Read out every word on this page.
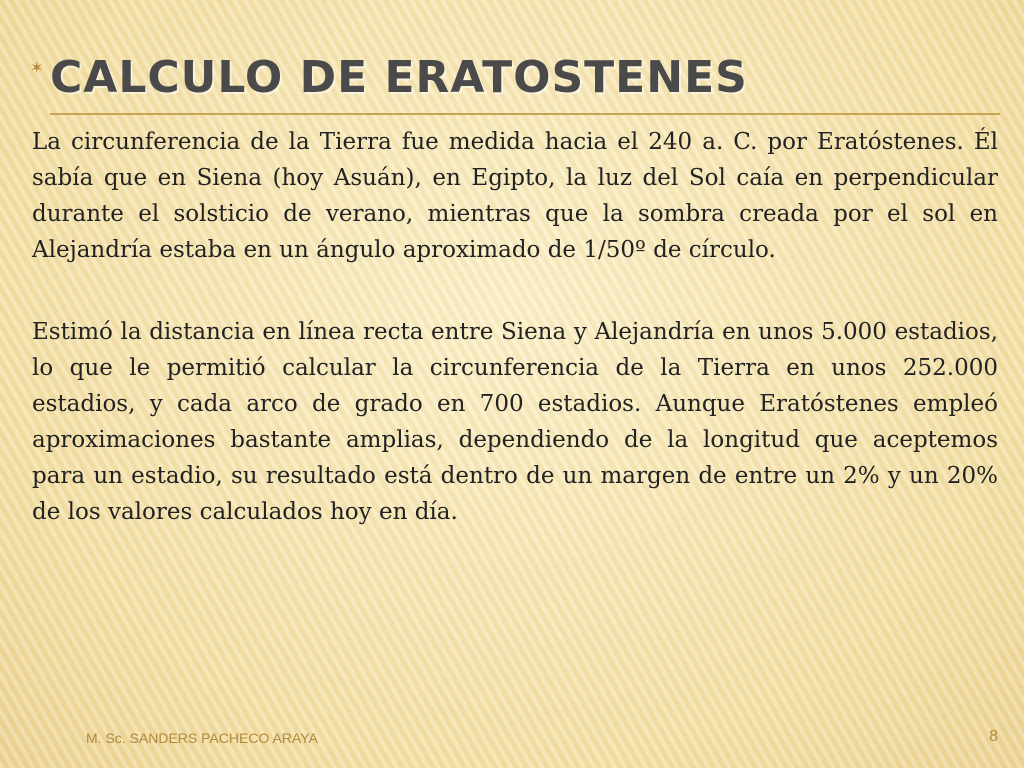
✶ CALCULO DE ERATOSTENES

La circunferencia de la Tierra fue medida hacia el 240 a. C. por Eratóstenes. Él sabía que en Siena (hoy Asuán), en Egipto, la luz del Sol caía en perpendicular durante el solsticio de verano, mientras que la sombra creada por el sol en Alejandría estaba en un ángulo aproximado de 1/50º de círculo.

Estimó la distancia en línea recta entre Siena y Alejandría en unos 5.000 estadios, lo que le permitió calcular la circunferencia de la Tierra en unos 252.000 estadios, y cada arco de grado en 700 estadios. Aunque Eratóstenes empleó aproximaciones bastante amplias, dependiendo de la longitud que aceptemos para un estadio, su resultado está dentro de un margen de entre un 2% y un 20% de los valores calculados hoy en día.

M. Sc. SANDERS PACHECO ARAYA	8
